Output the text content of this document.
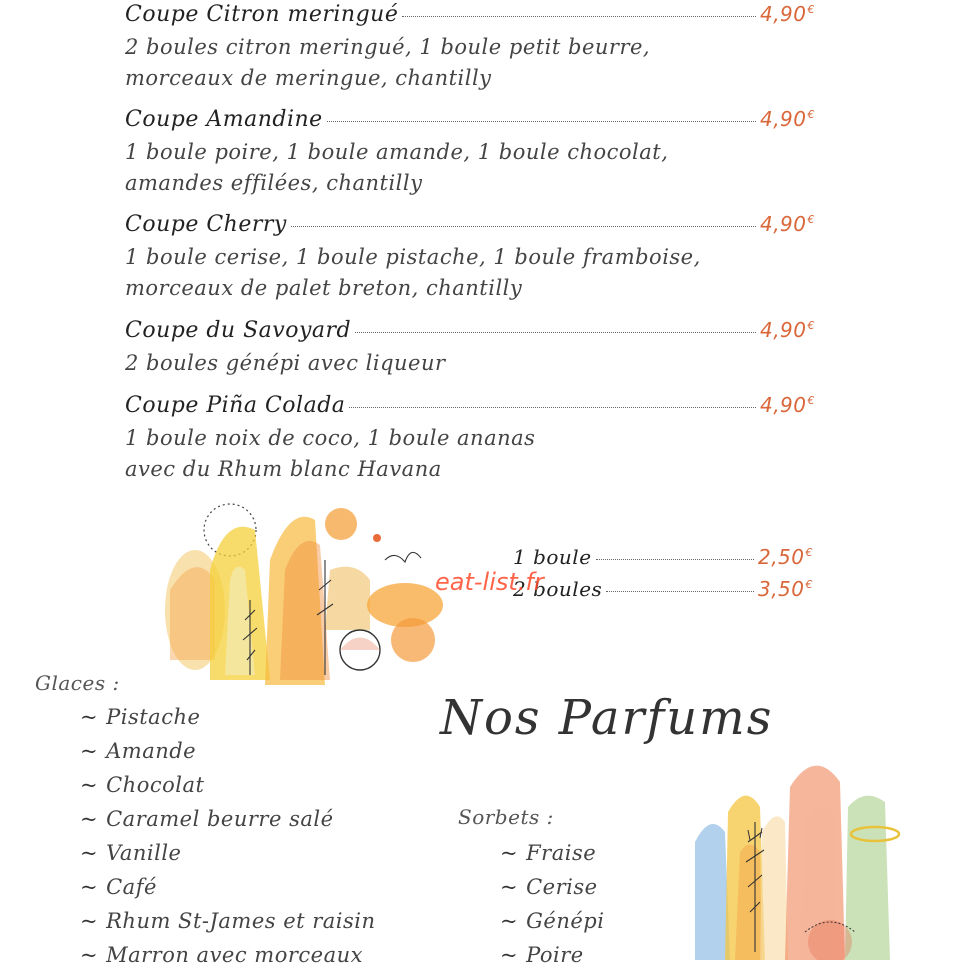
Coupe Citron meringué	4,90€
2 boules citron meringué, 1 boule petit beurre,
morceaux de meringue, chantilly
Coupe Amandine	4,90€
1 boule poire, 1 boule amande, 1 boule chocolat,
amandes effilées, chantilly
Coupe Cherry	4,90€
1 boule cerise, 1 boule pistache, 1 boule framboise,
morceaux de palet breton, chantilly
Coupe du Savoyard	4,90€
2 boules génépi avec liqueur
Coupe Piña Colada	4,90€
1 boule noix de coco, 1 boule ananas
avec du Rhum blanc Havana
1 boule	2,50€
2 boules	3,50€
eat-list.fr
Nos Parfums
Glaces :
~ Pistache
~ Amande
~ Chocolat
~ Caramel beurre salé
~ Vanille
~ Café
~ Rhum St-James et raisin
~ Marron avec morceaux
Sorbets :
~ Fraise
~ Cerise
~ Génépi
~ Poire
